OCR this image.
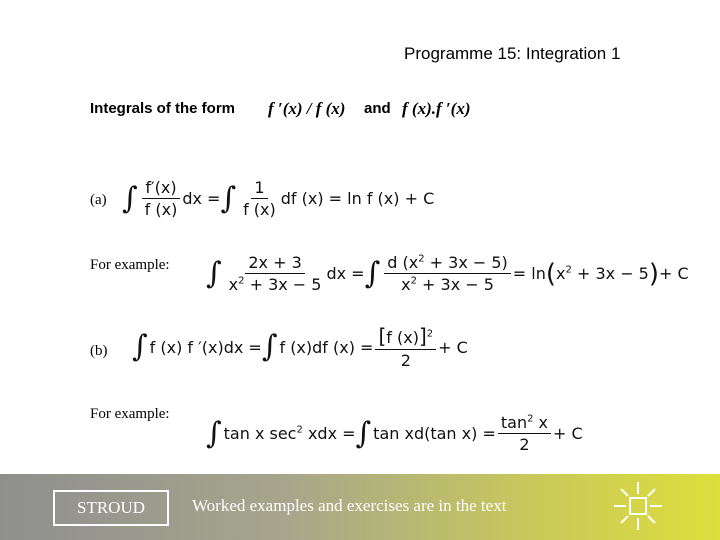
Programme 15: Integration 1
Integrals of the form f ′(x) / f (x) and f (x).f ′(x)
(a)
For example:
(b)
For example:
∫ $\frac{f'(x)}{f (x)}$ dx = ∫ $\frac{1}{f (x)}$ df (x) = ln f (x) + C
∫ $\frac{2x + 3}{x^2 + 3x - 5}$ dx = ∫ $\frac{d (x^2 + 3x - 5)}{x^2 + 3x - 5} = \ln$ ( $x^2 + 3x - 5$ ) + C
∫ f (x) f ′(x)dx = ∫ f (x)df $(x) = \frac{[f (x)]^2}{2} + C$
∫ tan x $\sec^2$ xdx = ∫ tan xd(tan $x) = \frac{\tan^2 x}{2} + C$
STROUD	Worked examples and exercises are in the text
